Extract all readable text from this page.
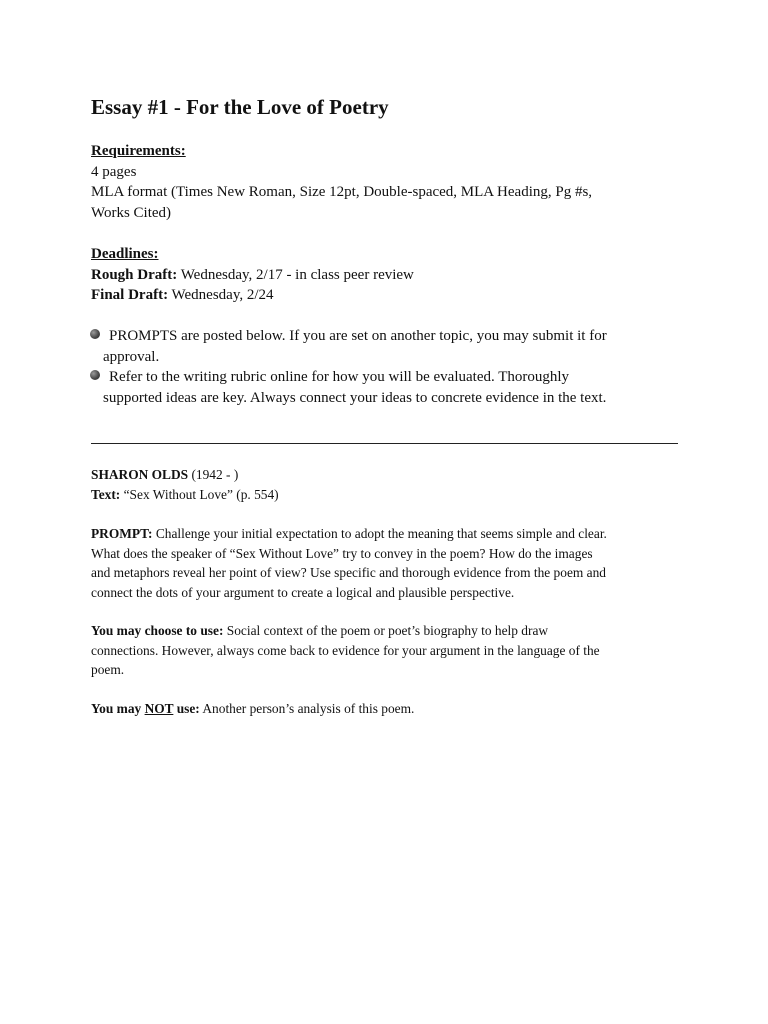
Essay #1 - For the Love of Poetry

Requirements:

4 pages

MLA format (Times New Roman, Size 12pt, Double-spaced, MLA Heading, Pg #s,

Works Cited)

Deadlines:

Rough Draft: Wednesday, 2/17 - in class peer review

Final Draft: Wednesday, 2/24

PROMPTS are posted below. If you are set on another topic, you may submit it for
approval.
Refer to the writing rubric online for how you will be evaluated. Thoroughly
supported ideas are key. Always connect your ideas to concrete evidence in the text.
SHARON OLDS (1942 - )
Text: “Sex Without Love” (p. 554)
PROMPT: Challenge your initial expectation to adopt the meaning that seems simple and clear.
What does the speaker of “Sex Without Love” try to convey in the poem? How do the images
and metaphors reveal her point of view? Use specific and thorough evidence from the poem and
connect the dots of your argument to create a logical and plausible perspective.
You may choose to use: Social context of the poem or poet’s biography to help draw
connections. However, always come back to evidence for your argument in the language of the
poem.
You may NOT use: Another person’s analysis of this poem.
